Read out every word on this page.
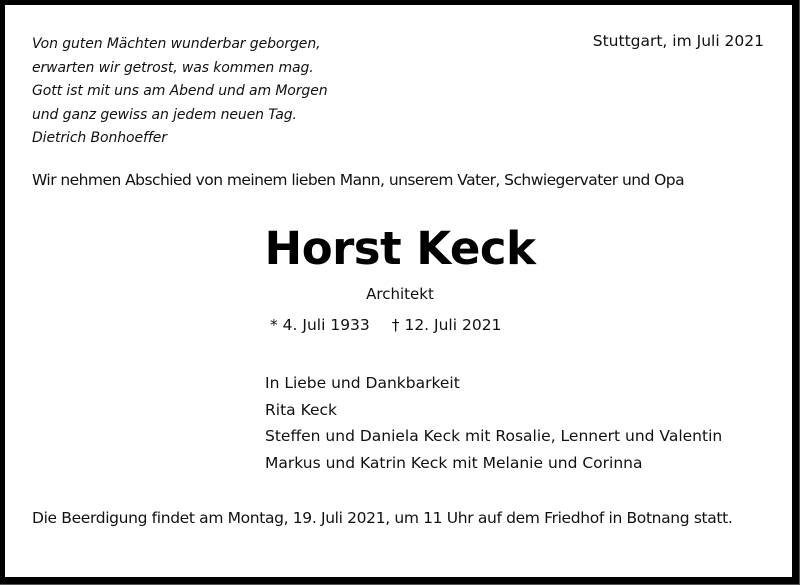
Von guten Mächten wunderbar geborgen,
erwarten wir getrost, was kommen mag.
Gott ist mit uns am Abend und am Morgen
und ganz gewiss an jedem neuen Tag.
Dietrich Bonhoeffer
Stuttgart, im Juli 2021
Wir nehmen Abschied von meinem lieben Mann, unserem Vater, Schwiegervater und Opa
Horst Keck
Architekt
* 4. Juli 1933 † 12. Juli 2021
In Liebe und Dankbarkeit
Rita Keck
Steffen und Daniela Keck mit Rosalie, Lennert und Valentin
Markus und Katrin Keck mit Melanie und Corinna
Die Beerdigung findet am Montag, 19. Juli 2021, um 11 Uhr auf dem Friedhof in Botnang statt.
